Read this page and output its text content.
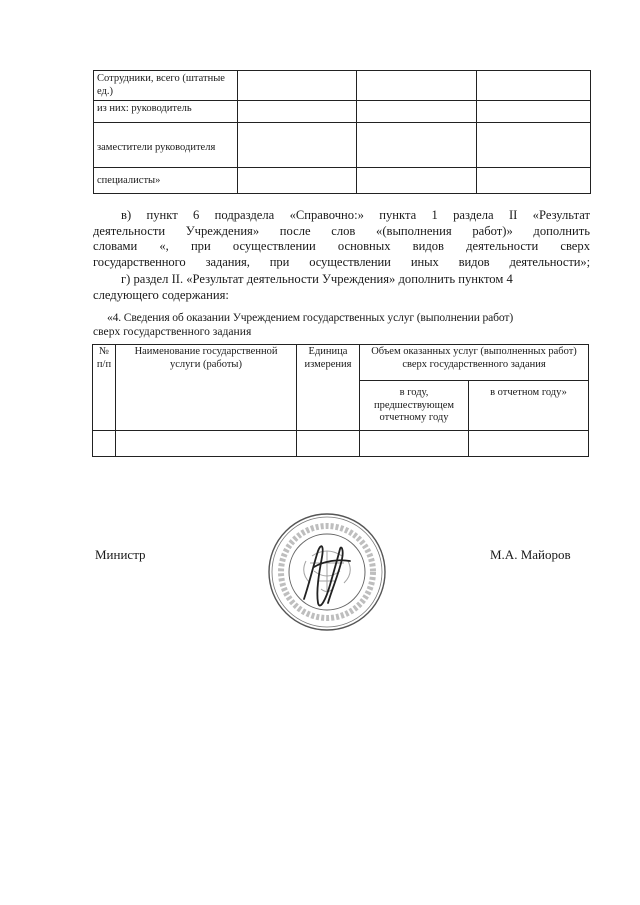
Сотрудники, всего (штатные ед.)			
из них: руководитель			
заместители руководителя			
специалисты»			
в) пункт 6 подраздела «Справочно:» пункта 1 раздела II «Результат
деятельности Учреждения» после слов «(выполнения работ)» дополнить
словами «, при осуществлении основных видов деятельности сверх
государственного задания, при осуществлении иных видов деятельности»;
г) раздел II. «Результат деятельности Учреждения» дополнить пунктом 4
следующего содержания:
«4. Сведения об оказании Учреждением государственных услуг (выполнении работ)
сверх государственного задания
№ п/п	Наименование государственной услуги (работы)	Единица измерения	Объем оказанных услуг (выполненных работ) сверх государственного задания	
			в году, предшествующем отчетному году	в отчетном году»

Министр	М.А. Майоров
